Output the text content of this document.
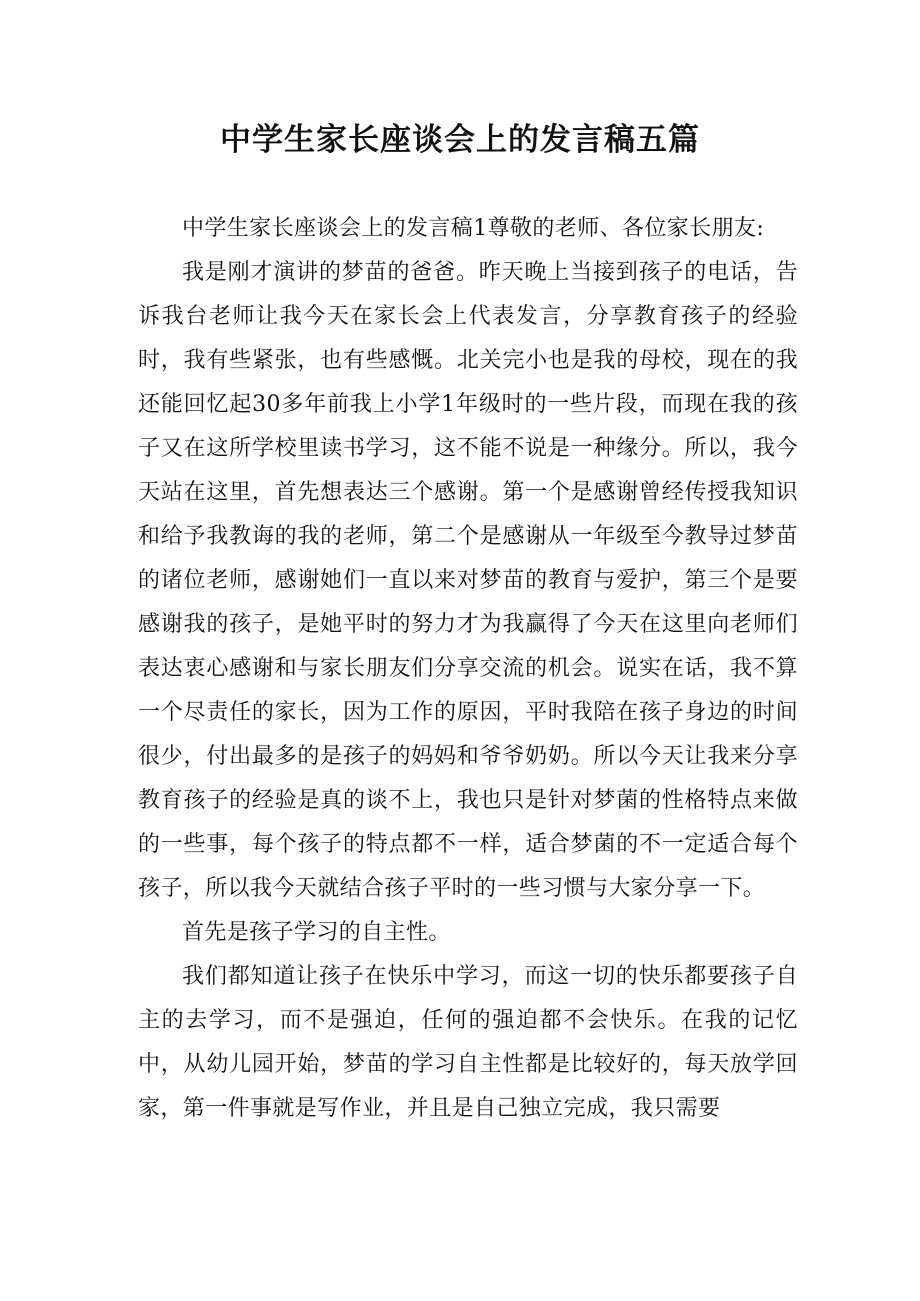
中学生家长座谈会上的发言稿五篇

中学生家长座谈会上的发言稿1尊敬的老师、各位家长朋友:

我是刚才演讲的梦苗的爸爸。昨天晚上当接到孩子的电话，告诉我台老师让我今天在家长会上代表发言，分享教育孩子的经验时，我有些紧张，也有些感慨。北关完小也是我的母校，现在的我还能回忆起30多年前我上小学1年级时的一些片段，而现在我的孩子又在这所学校里读书学习，这不能不说是一种缘分。所以，我今天站在这里，首先想表达三个感谢。第一个是感谢曾经传授我知识和给予我教诲的我的老师，第二个是感谢从一年级至今教导过梦苗的诸位老师，感谢她们一直以来对梦苗的教育与爱护，第三个是要感谢我的孩子，是她平时的努力才为我赢得了今天在这里向老师们表达衷心感谢和与家长朋友们分享交流的机会。说实在话，我不算一个尽责任的家长，因为工作的原因，平时我陪在孩子身边的时间很少，付出最多的是孩子的妈妈和爷爷奶奶。所以今天让我来分享教育孩子的经验是真的谈不上，我也只是针对梦菌的性格特点来做的一些事，每个孩子的特点都不一样，适合梦菌的不一定适合每个孩子，所以我今天就结合孩子平时的一些习惯与大家分享一下。

首先是孩子学习的自主性。

我们都知道让孩子在快乐中学习，而这一切的快乐都要孩子自主的去学习，而不是强迫，任何的强迫都不会快乐。在我的记忆中，从幼儿园开始，梦苗的学习自主性都是比较好的，每天放学回家，第一件事就是写作业，并且是自己独立完成，我只需要
